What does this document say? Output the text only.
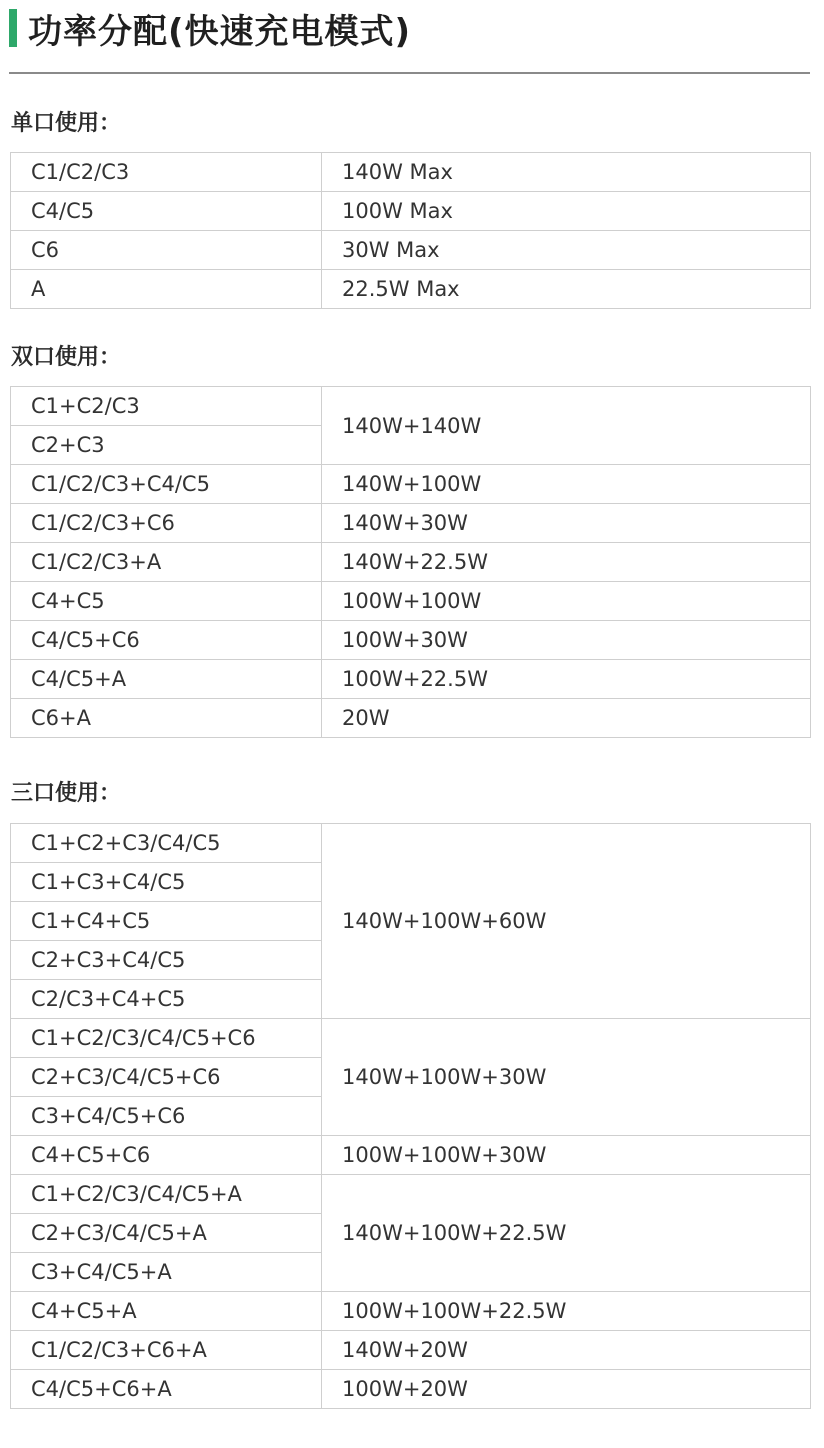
功率分配(快速充电模式)
单口使用：
C1/C2/C3	140W Max
C4/C5	100W Max
C6	30W Max
A	22.5W Max
双口使用：
C1+C2/C3	140W+140W
C2+C3	
C1/C2/C3+C4/C5	140W+100W
C1/C2/C3+C6	140W+30W
C1/C2/C3+A	140W+22.5W
C4+C5	100W+100W
C4/C5+C6	100W+30W
C4/C5+A	100W+22.5W
C6+A	20W
三口使用：
C1+C2+C3/C4/C5	140W+100W+60W
C1+C3+C4/C5	
C1+C4+C5	
C2+C3+C4/C5	
C2/C3+C4+C5	
C1+C2/C3/C4/C5+C6	140W+100W+30W
C2+C3/C4/C5+C6	
C3+C4/C5+C6	
C4+C5+C6	100W+100W+30W
C1+C2/C3/C4/C5+A	140W+100W+22.5W
C2+C3/C4/C5+A	
C3+C4/C5+A	
C4+C5+A	100W+100W+22.5W
C1/C2/C3+C6+A	140W+20W
C4/C5+C6+A	100W+20W
